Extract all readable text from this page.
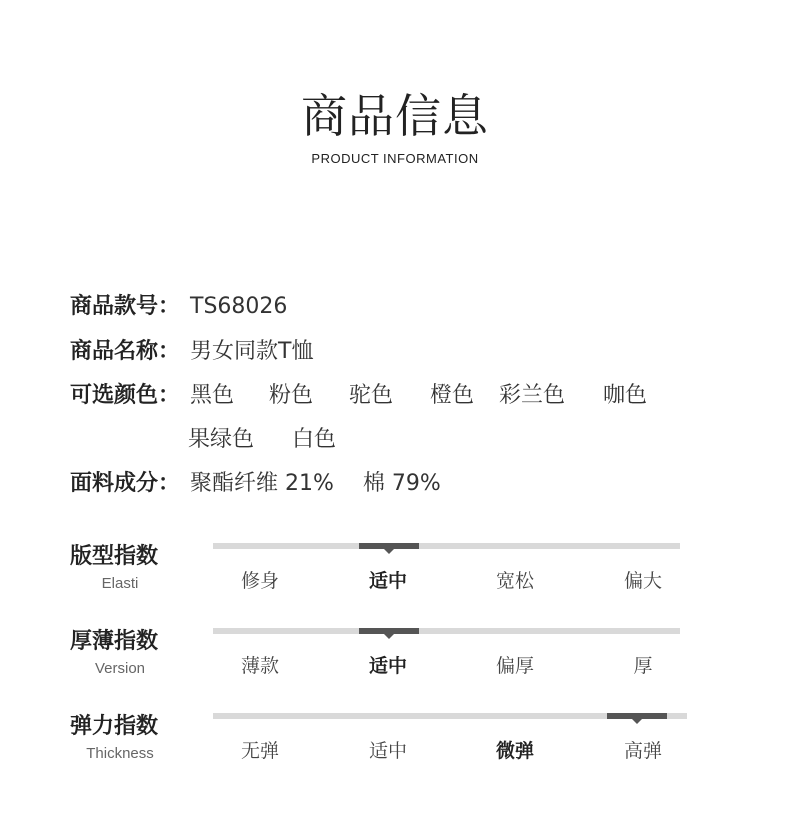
商品信息
PRODUCT INFORMATION
商品款号： TS68026
商品名称： 男女同款T恤
可选颜色： 黑色 粉色 驼色 橙色 彩兰色 咖色
果绿色 白色
面料成分： 聚酯纤维 21%　 棉 79%
版型指数
Elasti	修身	适中	宽松	偏大
厚薄指数
Version	薄款	适中	偏厚	厚
弹力指数
Thickness	无弹	适中	微弹	高弹
